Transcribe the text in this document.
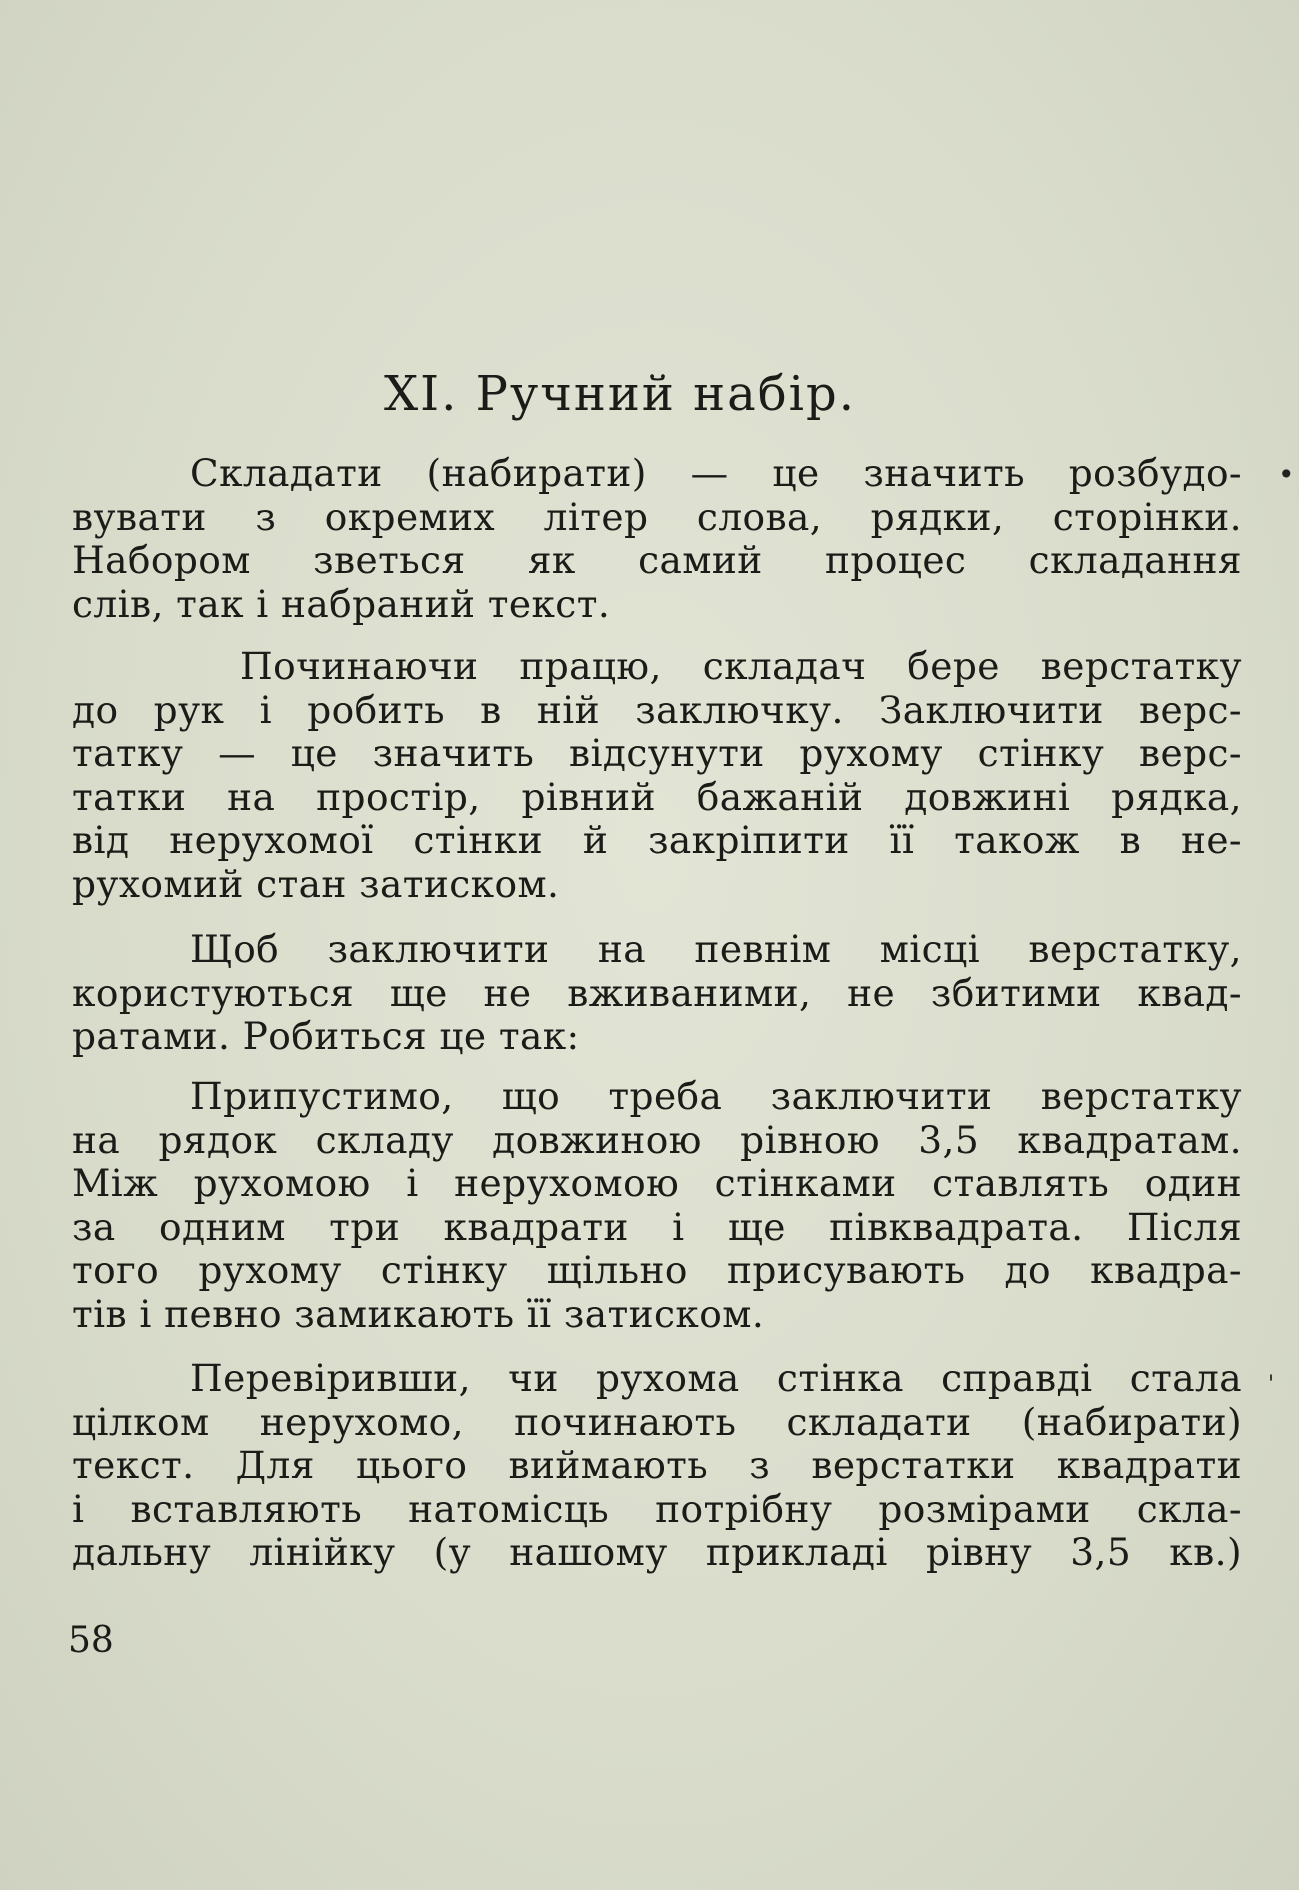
XI. Ручний набір.
Складати (набирати) — це значить розбудо-
вувати з окремих літер слова, рядки, сторінки.
Набором зветься як самий процес складання
слів, так і набраний текст.
Починаючи працю, складач бере верстатку
до рук і робить в ній заключку. Заключити верс-
татку — це значить відсунути рухому стінку верс-
татки на простір, рівний бажаній довжині рядка,
від нерухомої стінки й закріпити її також в не-
рухомий стан затиском.
Щоб заключити на певнім місці верстатку,
користуються ще не вживаними, не збитими квад-
ратами. Робиться це так:
Припустимо, що треба заключити верстатку
на рядок складу довжиною рівною 3,5 квадратам.
Між рухомою і нерухомою стінками ставлять один
за одним три квадрати і ще півквадрата. Після
того рухому стінку щільно присувають до квадра-
тів і певно замикають її затиском.
Перевіривши, чи рухома стінка справді стала
цілком нерухомо, починають складати (набирати)
текст. Для цього виймають з верстатки квадрати
і вставляють натомісць потрібну розмірами скла-
дальну лінійку (у нашому прикладі рівну 3,5 кв.)
58
•
'
